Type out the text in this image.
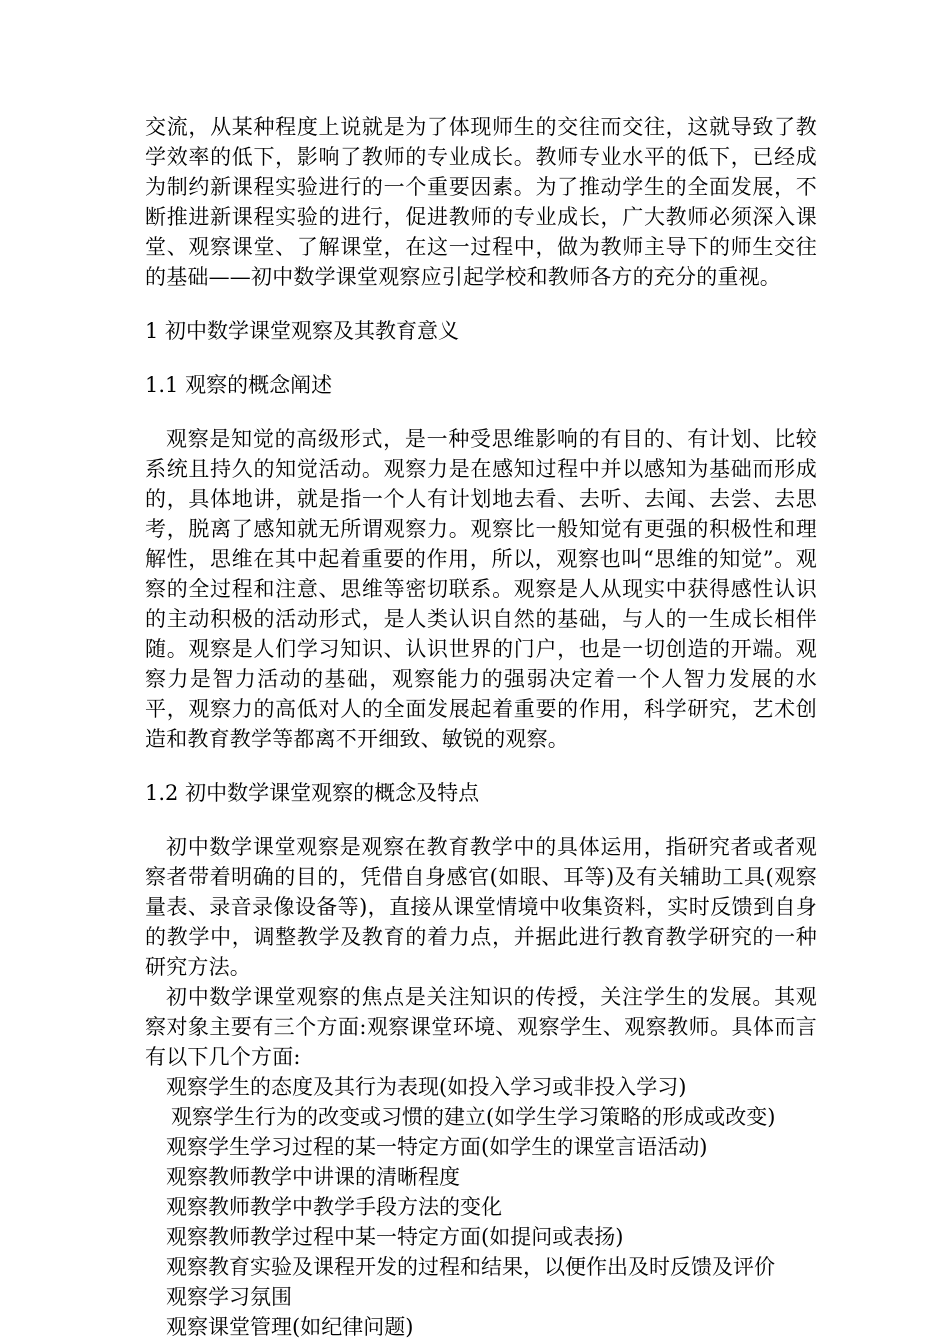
交流，从某种程度上说就是为了体现师生的交往而交往，这就导致了教学效率的低下，影响了教师的专业成长。教师专业水平的低下，已经成为制约新课程实验进行的一个重要因素。为了推动学生的全面发展，不断推进新课程实验的进行，促进教师的专业成长，广大教师必须深入课堂、观察课堂、了解课堂，在这一过程中，做为教师主导下的师生交往的基础——初中数学课堂观察应引起学校和教师各方的充分的重视。

1 初中数学课堂观察及其教育意义

1.1 观察的概念阐述

观察是知觉的高级形式，是一种受思维影响的有目的、有计划、比较系统且持久的知觉活动。观察力是在感知过程中并以感知为基础而形成的，具体地讲，就是指一个人有计划地去看、去听、去闻、去尝、去思考，脱离了感知就无所谓观察力。观察比一般知觉有更强的积极性和理解性，思维在其中起着重要的作用，所以，观察也叫“思维的知觉”。观察的全过程和注意、思维等密切联系。观察是人从现实中获得感性认识的主动积极的活动形式，是人类认识自然的基础，与人的一生成长相伴随。观察是人们学习知识、认识世界的门户，也是一切创造的开端。观察力是智力活动的基础，观察能力的强弱决定着一个人智力发展的水平，观察力的高低对人的全面发展起着重要的作用，科学研究，艺术创造和教育教学等都离不开细致、敏锐的观察。

1.2 初中数学课堂观察的概念及特点

初中数学课堂观察是观察在教育教学中的具体运用，指研究者或者观察者带着明确的目的，凭借自身感官(如眼、耳等)及有关辅助工具(观察量表、录音录像设备等)，直接从课堂情境中收集资料，实时反馈到自身的教学中，调整教学及教育的着力点，并据此进行教育教学研究的一种研究方法。

初中数学课堂观察的焦点是关注知识的传授，关注学生的发展。其观察对象主要有三个方面:观察课堂环境、观察学生、观察教师。具体而言有以下几个方面:

观察学生的态度及其行为表现(如投入学习或非投入学习)
观察学生行为的改变或习惯的建立(如学生学习策略的形成或改变)
观察学生学习过程的某一特定方面(如学生的课堂言语活动)
观察教师教学中讲课的清晰程度
观察教师教学中教学手段方法的变化
观察教师教学过程中某一特定方面(如提问或表扬)
观察教育实验及课程开发的过程和结果，以便作出及时反馈及评价
观察学习氛围
观察课堂管理(如纪律问题)
